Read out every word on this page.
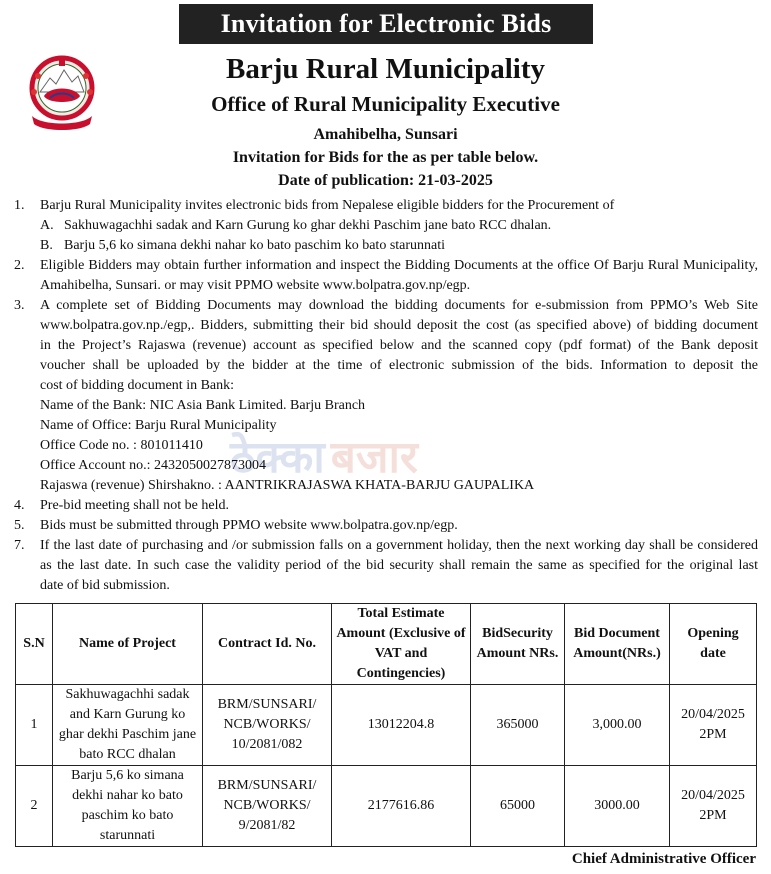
Invitation for Electronic Bids
Barju Rural Municipality
Office of Rural Municipality Executive
Amahibelha, Sunsari
Invitation for Bids for the as per table below.
Date of publication: 21-03-2025
ठेक्का बजार
1. Barju Rural Municipality invites electronic bids from Nepalese eligible bidders for the Procurement of
A. Sakhuwagachhi sadak and Karn Gurung ko ghar dekhi Paschim jane bato RCC dhalan.
B. Barju 5,6 ko simana dekhi nahar ko bato paschim ko bato starunnati
2. Eligible Bidders may obtain further information and inspect the Bidding Documents at the office Of Barju Rural Municipality,
Amahibelha, Sunsari. or may visit PPMO website www.bolpatra.gov.np/egp.
3. A complete set of Bidding Documents may download the bidding documents for e-submission from PPMO’s Web Site
www.bolpatra.gov.np./egp,. Bidders, submitting their bid should deposit the cost (as specified above) of bidding document
in the Project’s Rajaswa (revenue) account as specified below and the scanned copy (pdf format) of the Bank deposit
voucher shall be uploaded by the bidder at the time of electronic submission of the bids. Information to deposit the
cost of bidding document in Bank:
Name of the Bank: NIC Asia Bank Limited. Barju Branch
Name of Office: Barju Rural Municipality
Office Code no. : 801011410
Office Account no.: 2432050027873004
Rajaswa (revenue) Shirshakno. : AANTRIKRAJASWA KHATA-BARJU GAUPALIKA
4. Pre-bid meeting shall not be held.
5. Bids must be submitted through PPMO website www.bolpatra.gov.np/egp.
7. If the last date of purchasing and /or submission falls on a government holiday, then the next working day shall be considered
as the last date. In such case the validity period of the bid security shall remain the same as specified for the original last
date of bid submission.
S.N	Name of Project	Contract Id. No.	Total Estimate Amount (Exclusive of VAT and Contingencies)	BidSecurity Amount NRs.	Bid Document Amount(NRs.)	Opening date
1	Sakhuwagachhi sadak and Karn Gurung ko ghar dekhi Paschim jane bato RCC dhalan	BRM/SUNSARI/ NCB/WORKS/ 10/2081/082	13012204.8	365000	3,000.00	20/04/2025 2PM
2	Barju 5,6 ko simana dekhi nahar ko bato paschim ko bato starunnati	BRM/SUNSARI/ NCB/WORKS/ 9/2081/82	2177616.86	65000	3000.00	20/04/2025 2PM
Chief Administrative Officer
